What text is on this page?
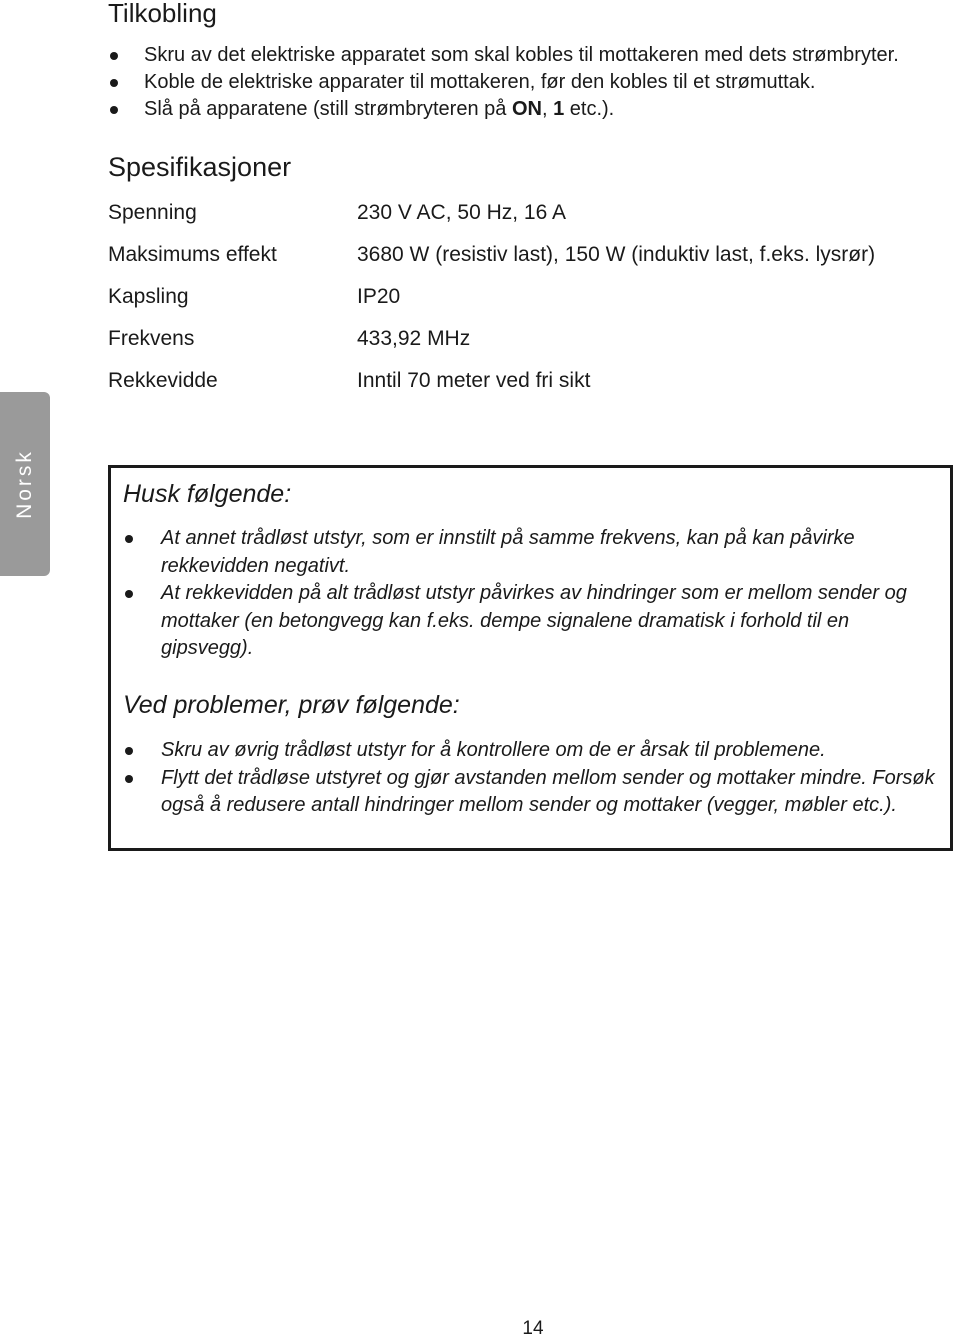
Tilkobling
Skru av det elektriske apparatet som skal kobles til mottakeren med dets strømbryter.
Koble de elektriske apparater til mottakeren, før den kobles til et strømuttak.
Slå på apparatene (still strømbryteren på ON, 1 etc.).
Spesifikasjoner
Spenning	230 V AC, 50 Hz, 16 A
Maksimums effekt	3680 W (resistiv last), 150 W (induktiv last, f.eks. lysrør)
Kapsling	IP20
Frekvens	433,92 MHz
Rekkevidde	Inntil 70 meter ved fri sikt
Norsk	Husk følgende:
At annet trådløst utstyr, som er innstilt på samme frekvens, kan på kan påvirke rekkevidden negativt.
At rekkevidden på alt trådløst utstyr påvirkes av hindringer som er mellom sender og mottaker (en betongvegg kan f.eks. dempe signalene dramatisk i forhold til en gipsvegg).
Ved problemer, prøv følgende:
Skru av øvrig trådløst utstyr for å kontrollere om de er årsak til problemene.
Flytt det trådløse utstyret og gjør avstanden mellom sender og mottaker mindre. Forsøk også å redusere antall hindringer mellom sender og mottaker (vegger, møbler etc.).
14
